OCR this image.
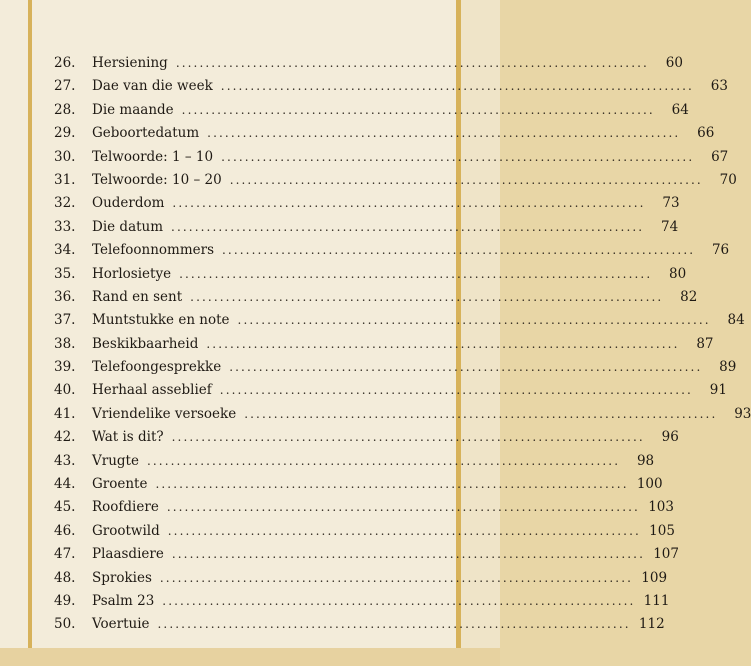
26.	Hersiening ................................................................................	60
27.	Dae van die week ................................................................................	63
28.	Die maande ................................................................................	64
29.	Geboortedatum ................................................................................	66
30.	Telwoorde: 1 – 10 ................................................................................	67
31.	Telwoorde: 10 – 20 ................................................................................	70
32.	Ouderdom ................................................................................	73
33.	Die datum ................................................................................	74
34.	Telefoonnommers ................................................................................	76
35.	Horlosietye ................................................................................	80
36.	Rand en sent ................................................................................	82
37.	Muntstukke en note ................................................................................	84
38.	Beskikbaarheid ................................................................................	87
39.	Telefoongesprekke ................................................................................	89
40.	Herhaal asseblief ................................................................................	91
41.	Vriendelike versoeke ................................................................................	93
42.	Wat is dit? ................................................................................	96
43.	Vrugte ................................................................................	98
44.	Groente ................................................................................ 100
45.	Roofdiere ................................................................................ 103
46.	Grootwild ................................................................................ 105
47.	Plaasdiere ................................................................................ 107
48.	Sprokies ................................................................................ 109
49.	Psalm 23 ................................................................................ 111
50.	Voertuie ................................................................................ 112
